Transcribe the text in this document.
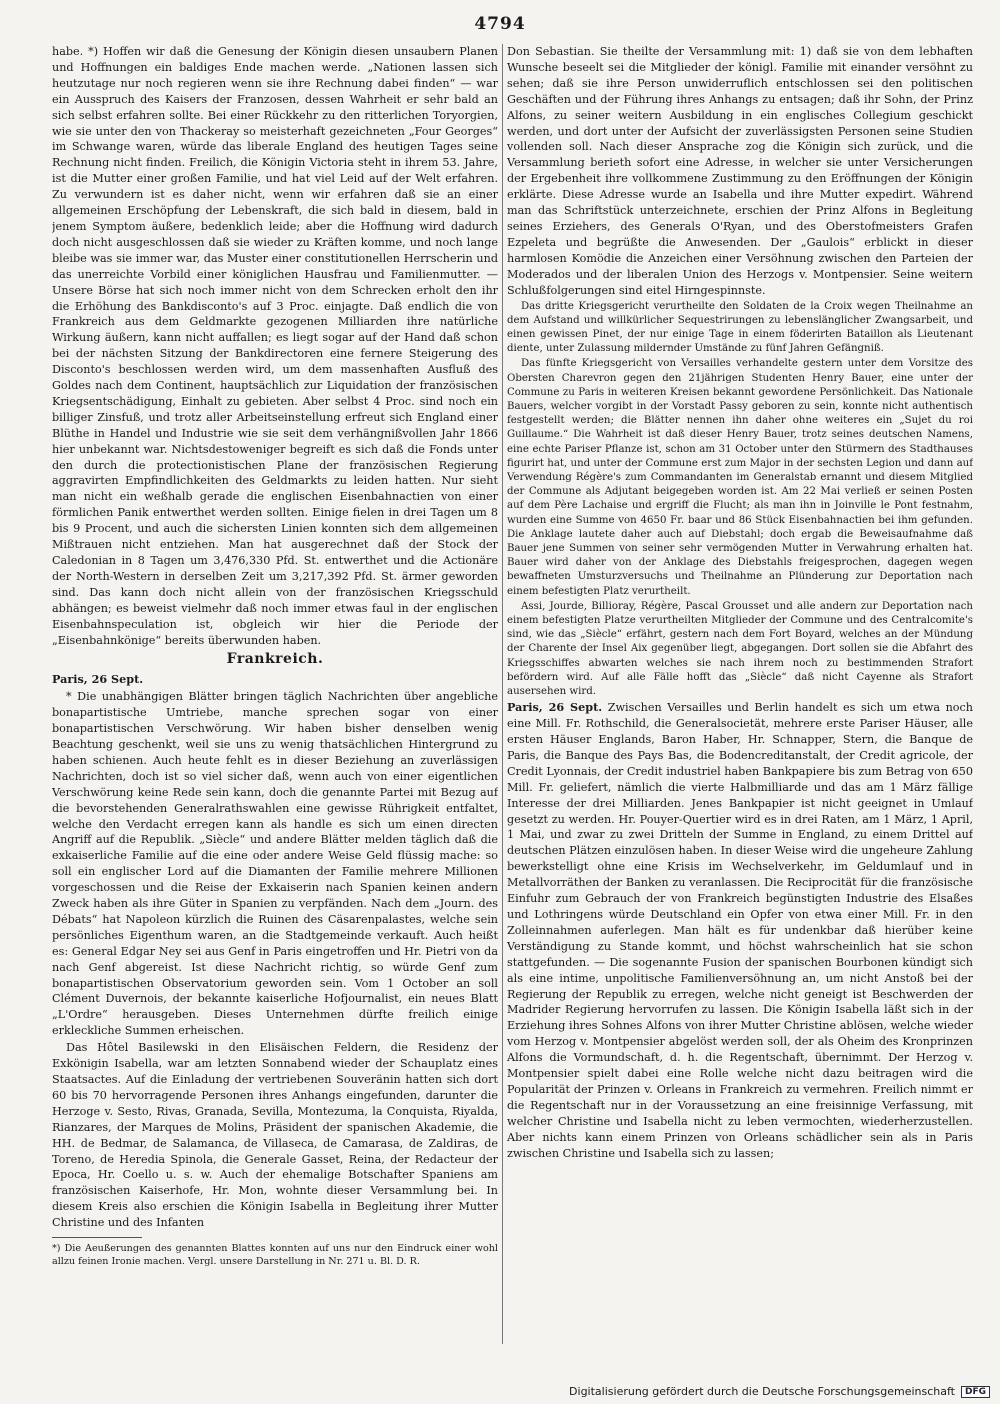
4794

habe. *) Hoffen wir daß die Genesung der Königin diesen unsaubern Planen und Hoffnungen ein baldiges Ende machen werde. „Nationen lassen sich heutzutage nur noch regieren wenn sie ihre Rechnung dabei finden“ — war ein Ausspruch des Kaisers der Franzosen, dessen Wahrheit er sehr bald an sich selbst erfahren sollte. Bei einer Rückkehr zu den ritterlichen Toryorgien, wie sie unter den von Thackeray so meisterhaft gezeichneten „Four Georges“ im Schwange waren, würde das liberale England des heutigen Tages seine Rechnung nicht finden. Freilich, die Königin Victoria steht in ihrem 53. Jahre, ist die Mutter einer großen Familie, und hat viel Leid auf der Welt erfahren. Zu verwundern ist es daher nicht, wenn wir erfahren daß sie an einer allgemeinen Erschöpfung der Lebenskraft, die sich bald in diesem, bald in jenem Symptom äußere, bedenklich leide; aber die Hoffnung wird dadurch doch nicht ausgeschlossen daß sie wieder zu Kräften komme, und noch lange bleibe was sie immer war, das Muster einer constitutionellen Herrscherin und das unerreichte Vorbild einer königlichen Hausfrau und Familienmutter. — Unsere Börse hat sich noch immer nicht von dem Schrecken erholt den ihr die Erhöhung des Bankdisconto's auf 3 Proc. einjagte. Daß endlich die von Frankreich aus dem Geldmarkte gezogenen Milliarden ihre natürliche Wirkung äußern, kann nicht auffallen; es liegt sogar auf der Hand daß schon bei der nächsten Sitzung der Bankdirectoren eine fernere Steigerung des Disconto's beschlossen werden wird, um dem massenhaften Ausfluß des Goldes nach dem Continent, hauptsächlich zur Liquidation der französischen Kriegsentschädigung, Einhalt zu gebieten. Aber selbst 4 Proc. sind noch ein billiger Zinsfuß, und trotz aller Arbeitseinstellung erfreut sich England einer Blüthe in Handel und Industrie wie sie seit dem verhängnißvollen Jahr 1866 hier unbekannt war. Nichtsdestoweniger begreift es sich daß die Fonds unter den durch die protectionistischen Plane der französischen Regierung aggravirten Empfindlichkeiten des Geldmarkts zu leiden hatten. Nur sieht man nicht ein weßhalb gerade die englischen Eisenbahnactien von einer förmlichen Panik entwerthet werden sollten. Einige fielen in drei Tagen um 8 bis 9 Procent, und auch die sichersten Linien konnten sich dem allgemeinen Mißtrauen nicht entziehen. Man hat ausgerechnet daß der Stock der Caledonian in 8 Tagen um 3,476,330 Pfd. St. entwerthet und die Actionäre der North-Western in derselben Zeit um 3,217,392 Pfd. St. ärmer geworden sind. Das kann doch nicht allein von der französischen Kriegsschuld abhängen; es beweist vielmehr daß noch immer etwas faul in der englischen Eisenbahnspeculation ist, obgleich wir hier die Periode der „Eisenbahnkönige“ bereits überwunden haben.

Frankreich.

Paris, 26 Sept.

* Die unabhängigen Blätter bringen täglich Nachrichten über angebliche bonapartistische Umtriebe, manche sprechen sogar von einer bonapartistischen Verschwörung. Wir haben bisher denselben wenig Beachtung geschenkt, weil sie uns zu wenig thatsächlichen Hintergrund zu haben schienen. Auch heute fehlt es in dieser Beziehung an zuverlässigen Nachrichten, doch ist so viel sicher daß, wenn auch von einer eigentlichen Verschwörung keine Rede sein kann, doch die genannte Partei mit Bezug auf die bevorstehenden Generalrathswahlen eine gewisse Rührigkeit entfaltet, welche den Verdacht erregen kann als handle es sich um einen directen Angriff auf die Republik. „Siècle“ und andere Blätter melden täglich daß die exkaiserliche Familie auf die eine oder andere Weise Geld flüssig mache: so soll ein englischer Lord auf die Diamanten der Familie mehrere Millionen vorgeschossen und die Reise der Exkaiserin nach Spanien keinen andern Zweck haben als ihre Güter in Spanien zu verpfänden. Nach dem „Journ. des Débats“ hat Napoleon kürzlich die Ruinen des Cäsarenpalastes, welche sein persönliches Eigenthum waren, an die Stadtgemeinde verkauft. Auch heißt es: General Edgar Ney sei aus Genf in Paris eingetroffen und Hr. Pietri von da nach Genf abgereist. Ist diese Nachricht richtig, so würde Genf zum bonapartistischen Observatorium geworden sein. Vom 1 October an soll Clément Duvernois, der bekannte kaiserliche Hofjournalist, ein neues Blatt „L'Ordre“ herausgeben. Dieses Unternehmen dürfte freilich einige erkleckliche Summen erheischen.

Das Hôtel Basilewski in den Elisäischen Feldern, die Residenz der Exkönigin Isabella, war am letzten Sonnabend wieder der Schauplatz eines Staatsactes. Auf die Einladung der vertriebenen Souveränin hatten sich dort 60 bis 70 hervorragende Personen ihres Anhangs eingefunden, darunter die Herzoge v. Sesto, Rivas, Granada, Sevilla, Montezuma, la Conquista, Riyalda, Rianzares, der Marques de Molins, Präsident der spanischen Akademie, die HH. de Bedmar, de Salamanca, de Villaseca, de Camarasa, de Zaldiras, de Toreno, de Heredia Spinola, die Generale Gasset, Reina, der Redacteur der Epoca, Hr. Coello u. s. w. Auch der ehemalige Botschafter Spaniens am französischen Kaiserhofe, Hr. Mon, wohnte dieser Versammlung bei. In diesem Kreis also erschien die Königin Isabella in Begleitung ihrer Mutter Christine und des Infanten

*) Die Aeußerungen des genannten Blattes konnten auf uns nur den Eindruck einer wohl allzu feinen Ironie machen. Vergl. unsere Darstellung in Nr. 271 u. Bl. D. R.

Don Sebastian. Sie theilte der Versammlung mit: 1) daß sie von dem lebhaften Wunsche beseelt sei die Mitglieder der königl. Familie mit einander versöhnt zu sehen; daß sie ihre Person unwiderruflich entschlossen sei den politischen Geschäften und der Führung ihres Anhangs zu entsagen; daß ihr Sohn, der Prinz Alfons, zu seiner weitern Ausbildung in ein englisches Collegium geschickt werden, und dort unter der Aufsicht der zuverlässigsten Personen seine Studien vollenden soll. Nach dieser Ansprache zog die Königin sich zurück, und die Versammlung berieth sofort eine Adresse, in welcher sie unter Versicherungen der Ergebenheit ihre vollkommene Zustimmung zu den Eröffnungen der Königin erklärte. Diese Adresse wurde an Isabella und ihre Mutter expedirt. Während man das Schriftstück unterzeichnete, erschien der Prinz Alfons in Begleitung seines Erziehers, des Generals O'Ryan, und des Oberstofmeisters Grafen Ezpeleta und begrüßte die Anwesenden. Der „Gaulois“ erblickt in dieser harmlosen Komödie die Anzeichen einer Versöhnung zwischen den Parteien der Moderados und der liberalen Union des Herzogs v. Montpensier. Seine weitern Schlußfolgerungen sind eitel Hirngespinnste.

Das dritte Kriegsgericht verurtheilte den Soldaten de la Croix wegen Theilnahme an dem Aufstand und willkürlicher Sequestrirungen zu lebenslänglicher Zwangsarbeit, und einen gewissen Pinet, der nur einige Tage in einem föderirten Bataillon als Lieutenant diente, unter Zulassung mildernder Umstände zu fünf Jahren Gefängniß.

Das fünfte Kriegsgericht von Versailles verhandelte gestern unter dem Vorsitze des Obersten Charevron gegen den 21jährigen Studenten Henry Bauer, eine unter der Commune zu Paris in weiteren Kreisen bekannt gewordene Persönlichkeit. Das Nationale Bauers, welcher vorgibt in der Vorstadt Passy geboren zu sein, konnte nicht authentisch festgestellt werden; die Blätter nennen ihn daher ohne weiteres ein „Sujet du roi Guillaume.“ Die Wahrheit ist daß dieser Henry Bauer, trotz seines deutschen Namens, eine echte Pariser Pflanze ist, schon am 31 October unter den Stürmern des Stadthauses figurirt hat, und unter der Commune erst zum Major in der sechsten Legion und dann auf Verwendung Régère's zum Commandanten im Generalstab ernannt und diesem Mitglied der Commune als Adjutant beigegeben worden ist. Am 22 Mai verließ er seinen Posten auf dem Père Lachaise und ergriff die Flucht; als man ihn in Joinville le Pont festnahm, wurden eine Summe von 4650 Fr. baar und 86 Stück Eisenbahnactien bei ihm gefunden. Die Anklage lautete daher auch auf Diebstahl; doch ergab die Beweisaufnahme daß Bauer jene Summen von seiner sehr vermögenden Mutter in Verwahrung erhalten hat. Bauer wird daher von der Anklage des Diebstahls freigesprochen, dagegen wegen bewaffneten Umsturzversuchs und Theilnahme an Plünderung zur Deportation nach einem befestigten Platz verurtheilt.

Assi, Jourde, Billioray, Régère, Pascal Grousset und alle andern zur Deportation nach einem befestigten Platze verurtheilten Mitglieder der Commune und des Centralcomite's sind, wie das „Siècle“ erfährt, gestern nach dem Fort Boyard, welches an der Mündung der Charente der Insel Aix gegenüber liegt, abgegangen. Dort sollen sie die Abfahrt des Kriegsschiffes abwarten welches sie nach ihrem noch zu bestimmenden Strafort befördern wird. Auf alle Fälle hofft das „Siècle“ daß nicht Cayenne als Strafort ausersehen wird.

Paris, 26 Sept. Zwischen Versailles und Berlin handelt es sich um etwa noch eine Mill. Fr. Rothschild, die Generalsocietät, mehrere erste Pariser Häuser, alle ersten Häuser Englands, Baron Haber, Hr. Schnapper, Stern, die Banque de Paris, die Banque des Pays Bas, die Bodencreditanstalt, der Credit agricole, der Credit Lyonnais, der Credit industriel haben Bankpapiere bis zum Betrag von 650 Mill. Fr. geliefert, nämlich die vierte Halbmilliarde und das am 1 März fällige Interesse der drei Milliarden. Jenes Bankpapier ist nicht geeignet in Umlauf gesetzt zu werden. Hr. Pouyer-Quertier wird es in drei Raten, am 1 März, 1 April, 1 Mai, und zwar zu zwei Dritteln der Summe in England, zu einem Drittel auf deutschen Plätzen einzulösen haben. In dieser Weise wird die ungeheure Zahlung bewerkstelligt ohne eine Krisis im Wechselverkehr, im Geldumlauf und in Metallvorräthen der Banken zu veranlassen. Die Reciprocität für die französische Einfuhr zum Gebrauch der von Frankreich begünstigten Industrie des Elsaßes und Lothringens würde Deutschland ein Opfer von etwa einer Mill. Fr. in den Zolleinnahmen auferlegen. Man hält es für undenkbar daß hierüber keine Verständigung zu Stande kommt, und höchst wahrscheinlich hat sie schon stattgefunden. — Die sogenannte Fusion der spanischen Bourbonen kündigt sich als eine intime, unpolitische Familienversöhnung an, um nicht Anstoß bei der Regierung der Republik zu erregen, welche nicht geneigt ist Beschwerden der Madrider Regierung hervorrufen zu lassen. Die Königin Isabella läßt sich in der Erziehung ihres Sohnes Alfons von ihrer Mutter Christine ablösen, welche wieder vom Herzog v. Montpensier abgelöst werden soll, der als Oheim des Kronprinzen Alfons die Vormundschaft, d. h. die Regentschaft, übernimmt. Der Herzog v. Montpensier spielt dabei eine Rolle welche nicht dazu beitragen wird die Popularität der Prinzen v. Orleans in Frankreich zu vermehren. Freilich nimmt er die Regentschaft nur in der Voraussetzung an eine freisinnige Verfassung, mit welcher Christine und Isabella nicht zu leben vermochten, wiederherzustellen. Aber nichts kann einem Prinzen von Orleans schädlicher sein als in Paris zwischen Christine und Isabella sich zu lassen;

Digitalisierung gefördert durch die Deutsche Forschungsgemeinschaft	DFG
